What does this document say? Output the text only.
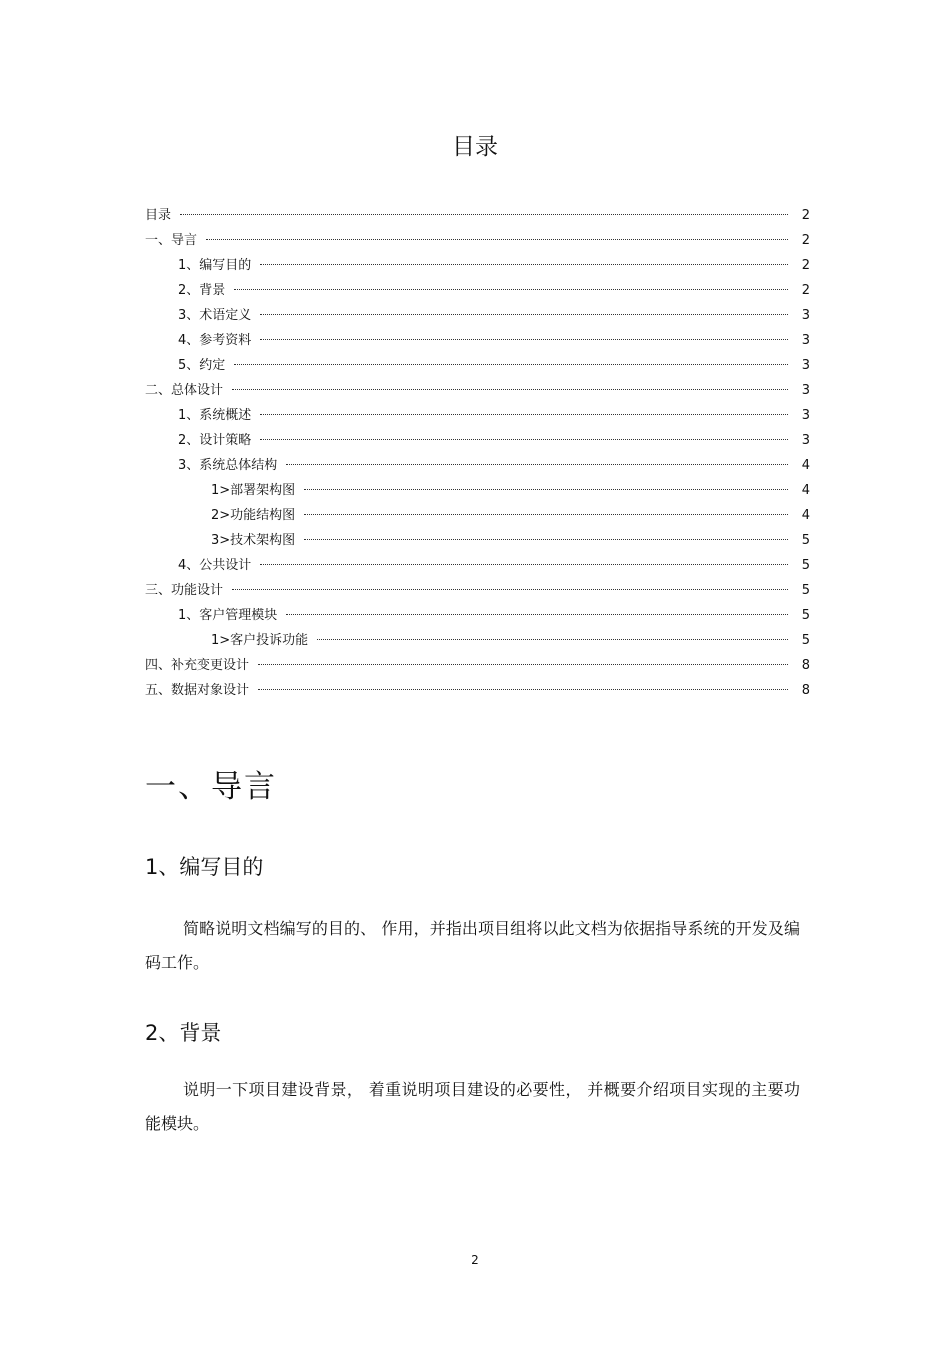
目录
目录	2
一、导言	2
1、编写目的	2
2、背景	2
3、术语定义	3
4、参考资料	3
5、约定	3
二、总体设计	3
1、系统概述	3
2、设计策略	3
3、系统总体结构	4
1>部署架构图	4
2>功能结构图	4
3>技术架构图	5
4、公共设计	5
三、功能设计	5
1、客户管理模块	5
1>客户投诉功能	5
四、补充变更设计	8
五、数据对象设计	8
一、导言
1、编写目的
简略说明文档编写的目的、 作用，并指出项目组将以此文档为依据指导系统的开发及编码工作。
2、背景
说明一下项目建设背景， 着重说明项目建设的必要性， 并概要介绍项目实现的主要功能模块。
2
